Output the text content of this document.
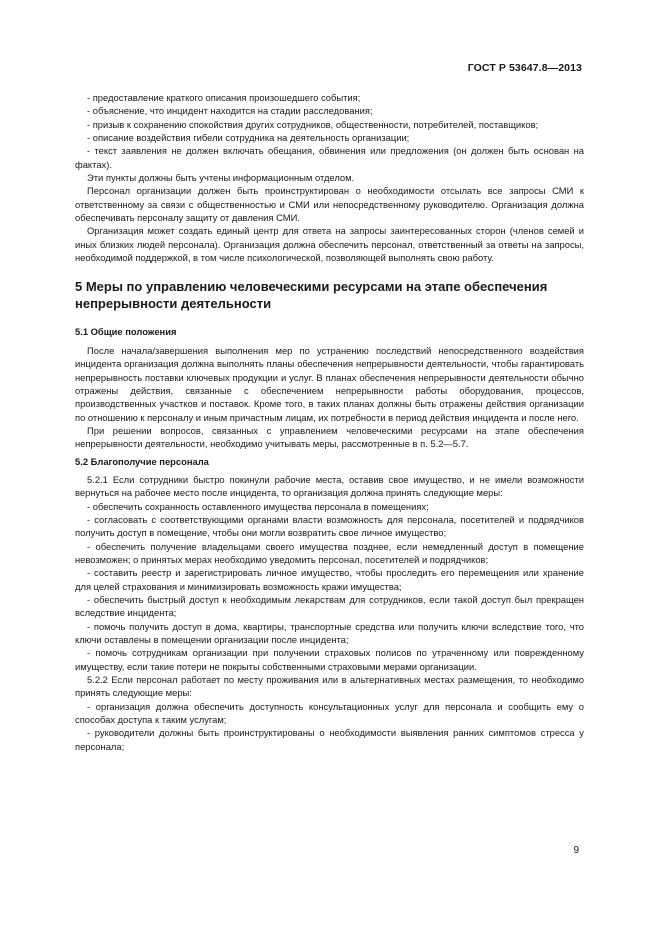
ГОСТ Р 53647.8—2013

- предоставление краткого описания произошедшего события;

- объяснение, что инцидент находится на стадии расследования;

- призыв к сохранению спокойствия других сотрудников, общественности, потребителей, поставщиков;

- описание воздействия гибели сотрудника на деятельность организации;

- текст заявления не должен включать обещания, обвинения или предложения (он должен быть основан на фактах).

Эти пункты должны быть учтены информационным отделом.

Персонал организации должен быть проинструктирован о необходимости отсылать все запросы СМИ к ответственному за связи с общественностью и СМИ или непосредственному руководителю. Организация должна обеспечивать персоналу защиту от давления СМИ.

Организация может создать единый центр для ответа на запросы заинтересованных сторон (членов семей и иных близких людей персонала). Организация должна обеспечить персонал, ответственный за ответы на запросы, необходимой поддержкой, в том числе психологической, позволяющей выполнять свою работу.

5 Меры по управлению человеческими ресурсами на этапе обеспечения непрерывности деятельности

5.1 Общие положения

После начала/завершения выполнения мер по устранению последствий непосредственного воздействия инцидента организация должна выполнять планы обеспечения непрерывности деятельности, чтобы гарантировать непрерывность поставки ключевых продукции и услуг. В планах обеспечения непрерывности деятельности обычно отражены действия, связанные с обеспечением непрерывности работы оборудования, процессов, производственных участков и поставок. Кроме того, в таких планах должны быть отражены действия организации по отношению к персоналу и иным причастным лицам, их потребности в период действия инцидента и после него.

При решении вопросов, связанных с управлением человеческими ресурсами на этапе обеспечения непрерывности деятельности, необходимо учитывать меры, рассмотренные в п. 5.2—5.7.

5.2 Благополучие персонала

5.2.1 Если сотрудники быстро покинули рабочие места, оставив свое имущество, и не имели возможности вернуться на рабочее место после инцидента, то организация должна принять следующие меры:

- обеспечить сохранность оставленного имущества персонала в помещениях;

- согласовать с соответствующими органами власти возможность для персонала, посетителей и подрядчиков получить доступ в помещение, чтобы они могли возвратить свое личное имущество;

- обеспечить получение владельцами своего имущества позднее, если немедленный доступ в помещение невозможен; о принятых мерах необходимо уведомить персонал, посетителей и подрядчиков;

- составить реестр и зарегистрировать личное имущество, чтобы проследить его перемещения или хранение для целей страхования и минимизировать возможность кражи имущества;

- обеспечить быстрый доступ к необходимым лекарствам для сотрудников, если такой доступ был прекращен вследствие инцидента;

- помочь получить доступ в дома, квартиры, транспортные средства или получить ключи вследствие того, что ключи оставлены в помещении организации после инцидента;

- помочь сотрудникам организации при получении страховых полисов по утраченному или поврежденному имуществу, если такие потери не покрыты собственными страховыми мерами организации.

5.2.2 Если персонал работает по месту проживания или в альтернативных местах размещения, то необходимо принять следующие меры:

- организация должна обеспечить доступность консультационных услуг для персонала и сообщить ему о способах доступа к таким услугам;

- руководители должны быть проинструктированы о необходимости выявления ранних симптомов стресса у персонала;

9
